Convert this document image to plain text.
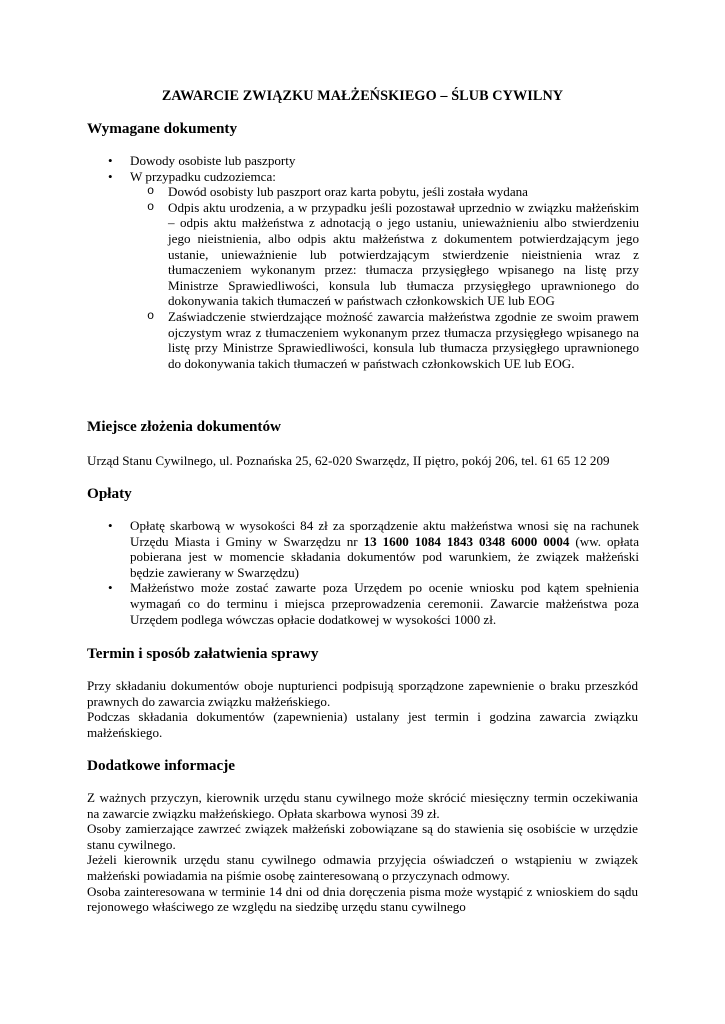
ZAWARCIE ZWIĄZKU MAŁŻEŃSKIEGO – ŚLUB CYWILNY
Wymagane dokumenty
• Dowody osobiste lub paszporty
• W przypadku cudzoziemca:
o Dowód osobisty lub paszport oraz karta pobytu, jeśli została wydana
o Odpis aktu urodzenia, a w przypadku jeśli pozostawał uprzednio w związku małżeńskim – odpis aktu małżeństwa z adnotacją o jego ustaniu, unieważnieniu albo stwierdzeniu jego nieistnienia, albo odpis aktu małżeństwa z dokumentem potwierdzającym jego ustanie, unieważnienie lub potwierdzającym stwierdzenie nieistnienia wraz z tłumaczeniem wykonanym przez: tłumacza przysięgłego wpisanego na listę przy Ministrze Sprawiedliwości, konsula lub tłumacza przysięgłego uprawnionego do dokonywania takich tłumaczeń w państwach członkowskich UE lub EOG
o Zaświadczenie stwierdzające możność zawarcia małżeństwa zgodnie ze swoim prawem ojczystym wraz z tłumaczeniem wykonanym przez tłumacza przysięgłego wpisanego na listę przy Ministrze Sprawiedliwości, konsula lub tłumacza przysięgłego uprawnionego do dokonywania takich tłumaczeń w państwach członkowskich UE lub EOG.
Miejsce złożenia dokumentów
Urząd Stanu Cywilnego, ul. Poznańska 25, 62-020 Swarzędz, II piętro, pokój 206, tel. 61 65 12 209
Opłaty
• Opłatę skarbową w wysokości 84 zł za sporządzenie aktu małżeństwa wnosi się na rachunek Urzędu Miasta i Gminy w Swarzędzu nr 13 1600 1084 1843 0348 6000 0004 (ww. opłata pobierana jest w momencie składania dokumentów pod warunkiem, że związek małżeński będzie zawierany w Swarzędzu)
• Małżeństwo może zostać zawarte poza Urzędem po ocenie wniosku pod kątem spełnienia wymagań co do terminu i miejsca przeprowadzenia ceremonii. Zawarcie małżeństwa poza Urzędem podlega wówczas opłacie dodatkowej w wysokości 1000 zł.
Termin i sposób załatwienia sprawy

Przy składaniu dokumentów oboje nupturienci podpisują sporządzone zapewnienie o braku przeszkód prawnych do zawarcia związku małżeńskiego.

Podczas składania dokumentów (zapewnienia) ustalany jest termin i godzina zawarcia związku małżeńskiego.

Dodatkowe informacje

Z ważnych przyczyn, kierownik urzędu stanu cywilnego może skrócić miesięczny termin oczekiwania na zawarcie związku małżeńskiego. Opłata skarbowa wynosi 39 zł.

Osoby zamierzające zawrzeć związek małżeński zobowiązane są do stawienia się osobiście w urzędzie stanu cywilnego.

Jeżeli kierownik urzędu stanu cywilnego odmawia przyjęcia oświadczeń o wstąpieniu w związek małżeński powiadamia na piśmie osobę zainteresowaną o przyczynach odmowy.

Osoba zainteresowana w terminie 14 dni od dnia doręczenia pisma może wystąpić z wnioskiem do sądu rejonowego właściwego ze względu na siedzibę urzędu stanu cywilnego
